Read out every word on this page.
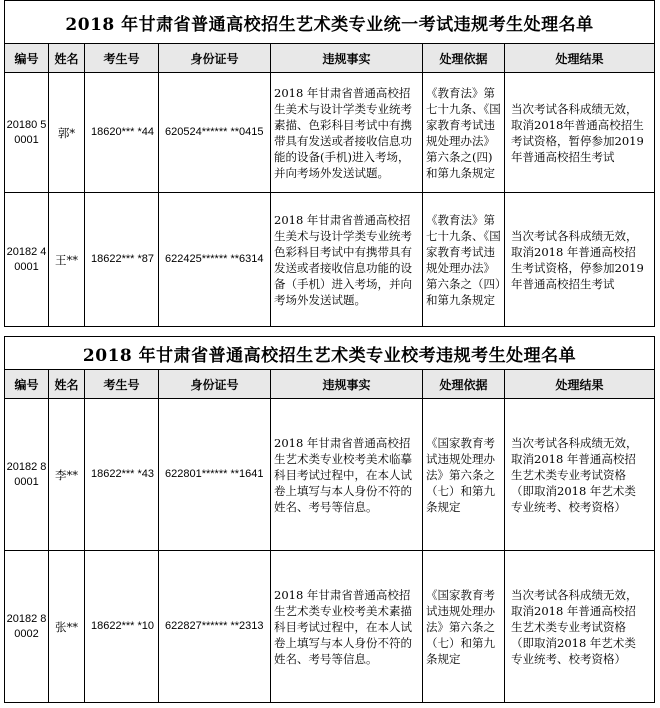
2018 年甘肃省普通高校招生艺术类专业统一考试违规考生处理名单						
编号	姓名	考生号	身份证号	违规事实	处理依据	处理结果
20180 50001	郭*	18620*** *44	620524****** **0415	2018 年甘肃省普通高校招生美术与设计学类专业统考素描、色彩科目考试中有携带具有发送或者接收信息功能的设备(手机)进入考场，并向考场外发送试题。	《教育法》第七十九条、《国家教育考试违规处理办法》第六条之(四)和第九条规定	当次考试各科成绩无效，取消2018年普通高校招生考试资格，暂停参加2019年普通高校招生考试
20182 40001	王**	18622*** *87	622425****** **6314	2018 年甘肃省普通高校招生美术与设计学类专业统考色彩科目考试中有携带具有发送或者接收信息功能的设备（手机）进入考场，并向考场外发送试题。	《教育法》第七十九条、《国家教育考试违规处理办法》第六条之（四）和第九条规定	当次考试各科成绩无效，取消2018 年普通高校招生考试资格，停参加2019 年普通高校招生考试
2018 年甘肃省普通高校招生艺术类专业校考违规考生处理名单						
编号	姓名	考生号	身份证号	违规事实	处理依据	处理结果
20182 80001	李**	18622*** *43	622801****** **1641	2018 年甘肃省普通高校招生艺术类专业校考美术临摹科目考试过程中，在本人试卷上填写与本人身份不符的姓名、考号等信息。	《国家教育考试违规处理办法》第六条之（七）和第九条规定	当次考试各科成绩无效，取消2018 年普通高校招生艺术类专业考试资格（即取消2018 年艺术类专业统考、校考资格）
20182 80002	张**	18622*** *10	622827****** **2313	2018 年甘肃省普通高校招生艺术类专业校考美术素描科目考试过程中，在本人试卷上填写与本人身份不符的姓名、考号等信息。	《国家教育考试违规处理办法》第六条之（七）和第九条规定	当次考试各科成绩无效，取消2018 年普通高校招生艺术类专业考试资格（即取消2018 年艺术类专业统考、校考资格）
